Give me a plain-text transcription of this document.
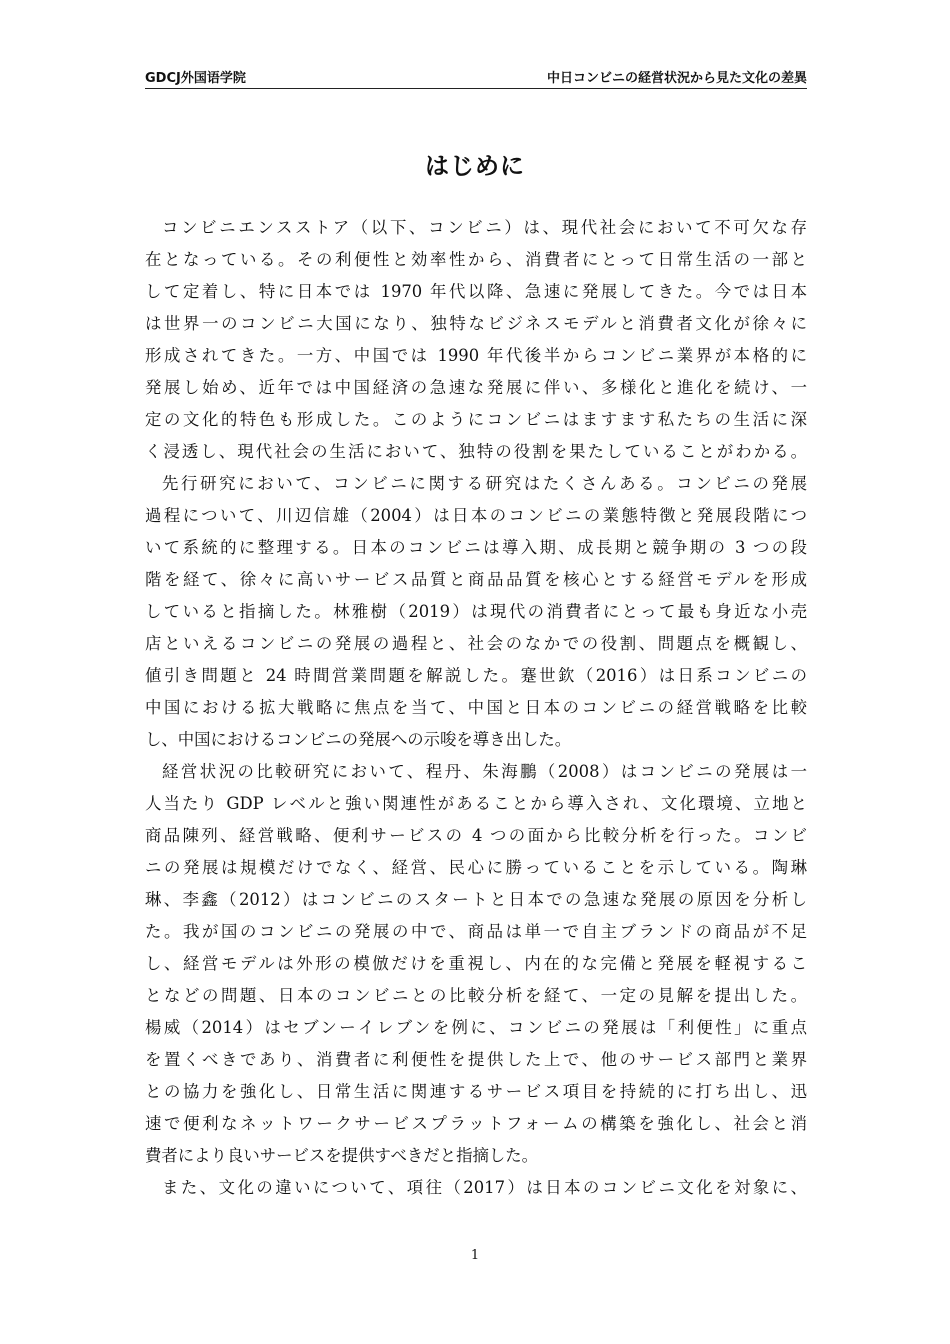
GDCJ外国语学院	中日コンビニの経営状況から見た文化の差異
はじめに
コンビニエンスストア（以下、コンビニ）は、現代社会において不可欠な存
在となっている。その利便性と効率性から、消費者にとって日常生活の一部と
して定着し、特に日本では 1970 年代以降、急速に発展してきた。今では日本
は世界一のコンビニ大国になり、独特なビジネスモデルと消費者文化が徐々に
形成されてきた。一方、中国では 1990 年代後半からコンビニ業界が本格的に
発展し始め、近年では中国経済の急速な発展に伴い、多様化と進化を続け、一
定の文化的特色も形成した。このようにコンビニはますます私たちの生活に深
く浸透し、現代社会の生活において、独特の役割を果たしていることがわかる。
先行研究において、コンビニに関する研究はたくさんある。コンビニの発展
過程について、川辺信雄（2004）は日本のコンビニの業態特徴と発展段階につ
いて系統的に整理する。日本のコンビニは導入期、成長期と競争期の 3 つの段
階を経て、徐々に高いサービス品質と商品品質を核心とする経営モデルを形成
していると指摘した。林雅樹（2019）は現代の消費者にとって最も身近な小売
店といえるコンビニの発展の過程と、社会のなかでの役割、問題点を概観し、
値引き問題と 24 時間営業問題を解説した。蹇世欽（2016）は日系コンビニの
中国における拡大戦略に焦点を当て、中国と日本のコンビニの経営戦略を比較
し、中国におけるコンビニの発展への示唆を導き出した。
経営状況の比較研究において、程丹、朱海鵬（2008）はコンビニの発展は一
人当たり GDP レベルと強い関連性があることから導入され、文化環境、立地と
商品陳列、経営戦略、便利サービスの 4 つの面から比較分析を行った。コンビ
ニの発展は規模だけでなく、経営、民心に勝っていることを示している。陶琳
琳、李鑫（2012）はコンビニのスタートと日本での急速な発展の原因を分析し
た。我が国のコンビニの発展の中で、商品は単一で自主ブランドの商品が不足
し、経営モデルは外形の模倣だけを重視し、内在的な完備と発展を軽視するこ
となどの問題、日本のコンビニとの比較分析を経て、一定の見解を提出した。
楊威（2014）はセブンーイレブンを例に、コンビニの発展は「利便性」に重点
を置くべきであり、消費者に利便性を提供した上で、他のサービス部門と業界
との協力を強化し、日常生活に関連するサービス項目を持続的に打ち出し、迅
速で便利なネットワークサービスプラットフォームの構築を強化し、社会と消
費者により良いサービスを提供すべきだと指摘した。
また、文化の違いについて、項往（2017）は日本のコンビニ文化を対象に、
1
